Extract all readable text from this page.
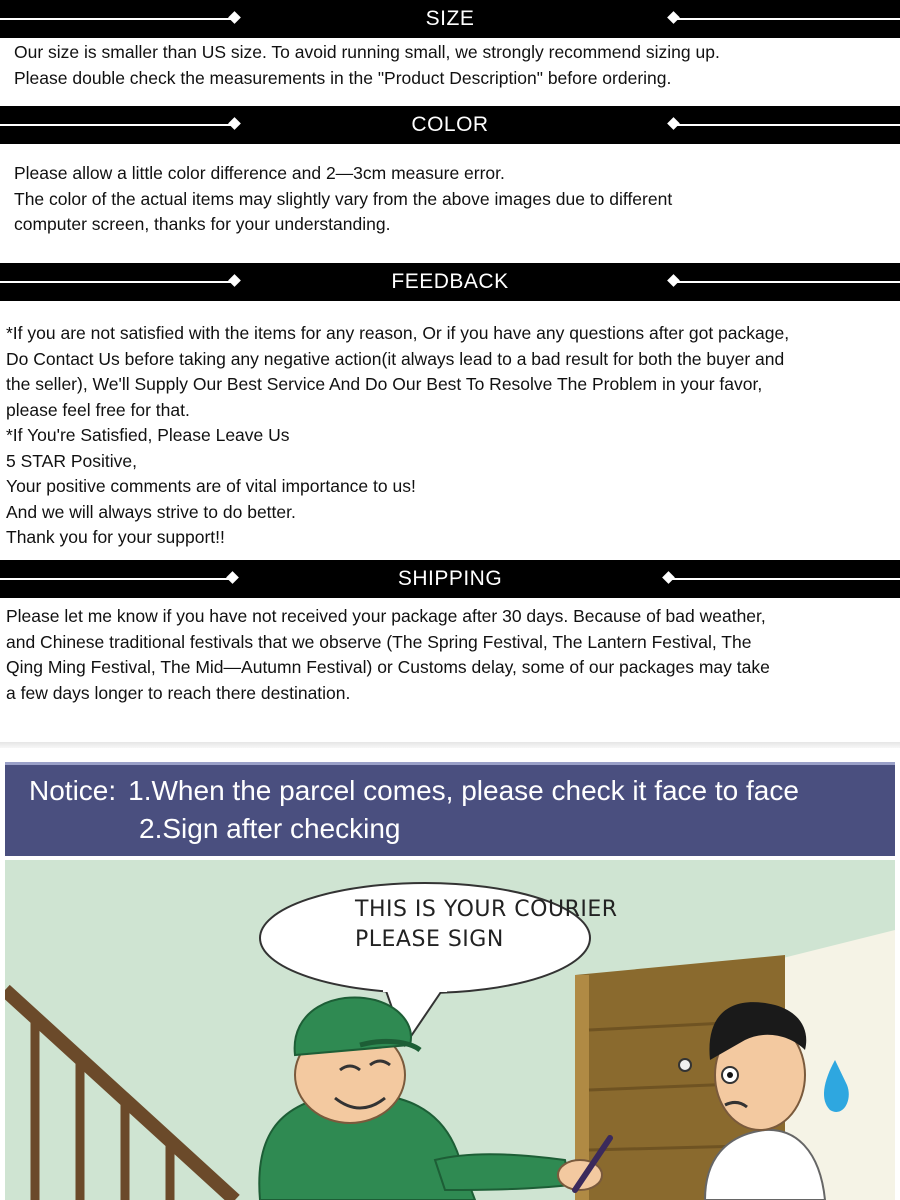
SIZE

Our size is smaller than US size. To avoid running small, we strongly recommend sizing up.

Please double check the measurements in the "Product Description" before ordering.

COLOR

Please allow a little color difference and 2—3cm measure error.

The color of the actual items may slightly vary from the above images due to different

computer screen, thanks for your understanding.

FEEDBACK

*If you are not satisfied with the items for any reason, Or if you have any questions after got package,

Do Contact Us before taking any negative action(it always lead to a bad result for both the buyer and

the seller), We'll Supply Our Best Service And Do Our Best To Resolve The Problem in your favor,

please feel free for that.

*If You're Satisfied, Please Leave Us

5 STAR Positive,

Your positive comments are of vital importance to us!

And we will always strive to do better.

Thank you for your support!!

SHIPPING

Please let me know if you have not received your package after 30 days. Because of bad weather,

and Chinese traditional festivals that we observe (The Spring Festival, The Lantern Festival, The

Qing Ming Festival, The Mid—Autumn Festival) or Customs delay, some of our packages may take

a few days longer to reach there destination.

Notice: 1.When the parcel comes, please check it face to face
2.Sign after checking
THIS IS YOUR COURIER
PLEASE SIGN
